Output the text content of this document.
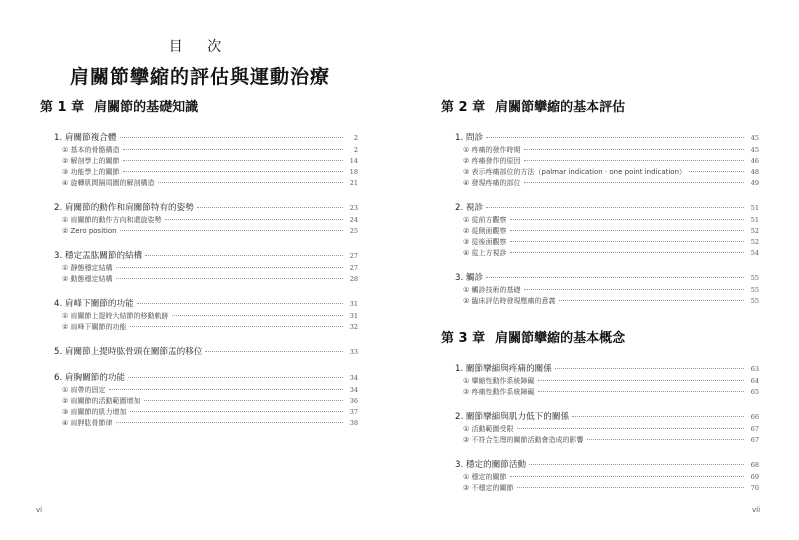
目 次
肩關節攣縮的評估與運動治療
第 1 章 肩關節的基礎知識
1. 肩關節複合體	2
① 基本的骨骼構造	2
② 解剖學上的關節	14
③ 功能學上的關節	18
④ 旋轉肌間隔周圍的解剖構造	21
2. 肩關節的動作和肩關節特有的姿勢	23
① 肩關節的動作方向和還旋姿勢	24
② Zero position	25
3. 穩定盂肱關節的結構	27
① 靜態穩定結構	27
② 動態穩定結構	28
4. 肩峰下關節的功能	31
① 肩關節上提時大結節的移動軌跡	31
② 肩峰下關節的功能	32
5. 肩關節上提時肱骨頭在關節盂的移位	33
6. 肩胸關節的功能	34
① 肩帶的固定	34
② 肩關節的活動範圍增加	36
③ 肩關節的肌力增加	37
④ 肩胛肱骨節律	38
第 2 章 肩關節攣縮的基本評估
1. 問診	45
① 疼痛的發作時期	45
② 疼痛發作的原因	46
③ 表示疼痛部位的方法（palmar indication · one point indication）	48
④ 發現疼痛的部位	49
2. 視診	51
① 從前方觀察	51
② 從側面觀察	52
③ 從後面觀察	52
④ 從上方視診	54
3. 觸診	55
① 觸診技術的基礎	55
② 臨床評估時發現壓痛的意義	55
第 3 章 肩關節攣縮的基本概念
1. 關節攣縮與疼痛的關係	63
① 攣縮性動作系統障礙	64
② 疼痛性動作系統障礙	65
2. 關節攣縮與肌力低下的關係	66
① 活動範圍受限	67
② 不符合生理的關節活動會造成的影響	67
3. 穩定的關節活動	68
① 穩定的關節	69
② 不穩定的關節	70
vi	vii
